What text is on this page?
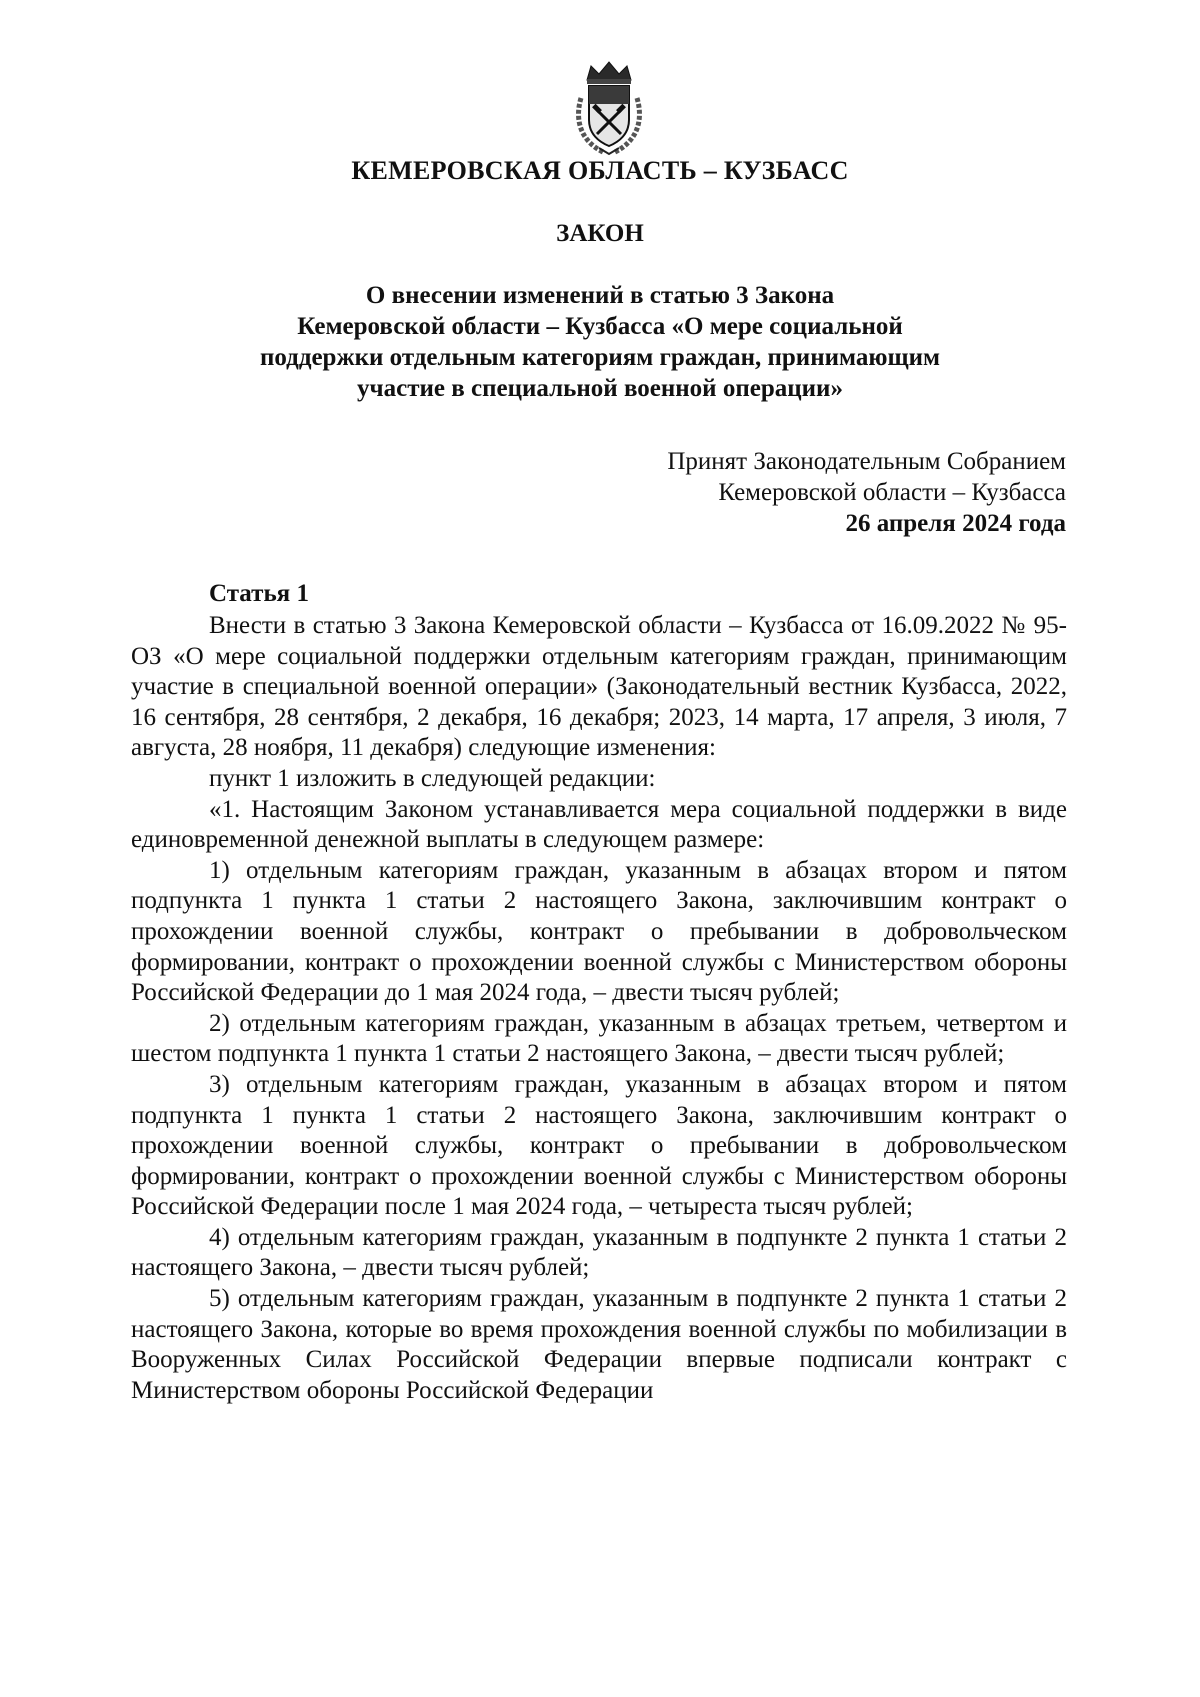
КЕМЕРОВСКАЯ ОБЛАСТЬ – КУЗБАСС
ЗАКОН
О внесении изменений в статью 3 Закона
Кемеровской области – Кузбасса «О мере социальной
поддержки отдельным категориям граждан, принимающим
участие в специальной военной операции»
Принят Законодательным Собранием
Кемеровской области – Кузбасса
26 апреля 2024 года
Статья 1

Внести в статью 3 Закона Кемеровской области – Кузбасса от 16.09.2022 № 95-ОЗ «О мере социальной поддержки отдельным категориям граждан, принимающим участие в специальной военной операции» (Законодательный вестник Кузбасса, 2022, 16 сентября, 28 сентября, 2 декабря, 16 декабря; 2023, 14 марта, 17 апреля, 3 июля, 7 августа, 28 ноября, 11 декабря) следующие изменения:

пункт 1 изложить в следующей редакции:

«1. Настоящим Законом устанавливается мера социальной поддержки в виде единовременной денежной выплаты в следующем размере:

1) отдельным категориям граждан, указанным в абзацах втором и пятом подпункта 1 пункта 1 статьи 2 настоящего Закона, заключившим контракт о прохождении военной службы, контракт о пребывании в добровольческом формировании, контракт о прохождении военной службы с Министерством обороны Российской Федерации до 1 мая 2024 года, – двести тысяч рублей;

2) отдельным категориям граждан, указанным в абзацах третьем, четвертом и шестом подпункта 1 пункта 1 статьи 2 настоящего Закона, – двести тысяч рублей;

3) отдельным категориям граждан, указанным в абзацах втором и пятом подпункта 1 пункта 1 статьи 2 настоящего Закона, заключившим контракт о прохождении военной службы, контракт о пребывании в добровольческом формировании, контракт о прохождении военной службы с Министерством обороны Российской Федерации после 1 мая 2024 года, – четыреста тысяч рублей;

4) отдельным категориям граждан, указанным в подпункте 2 пункта 1 статьи 2 настоящего Закона, – двести тысяч рублей;

5) отдельным категориям граждан, указанным в подпункте 2 пункта 1 статьи 2 настоящего Закона, которые во время прохождения военной службы по мобилизации в Вооруженных Силах Российской Федерации впервые подписали контракт с Министерством обороны Российской Федерации
